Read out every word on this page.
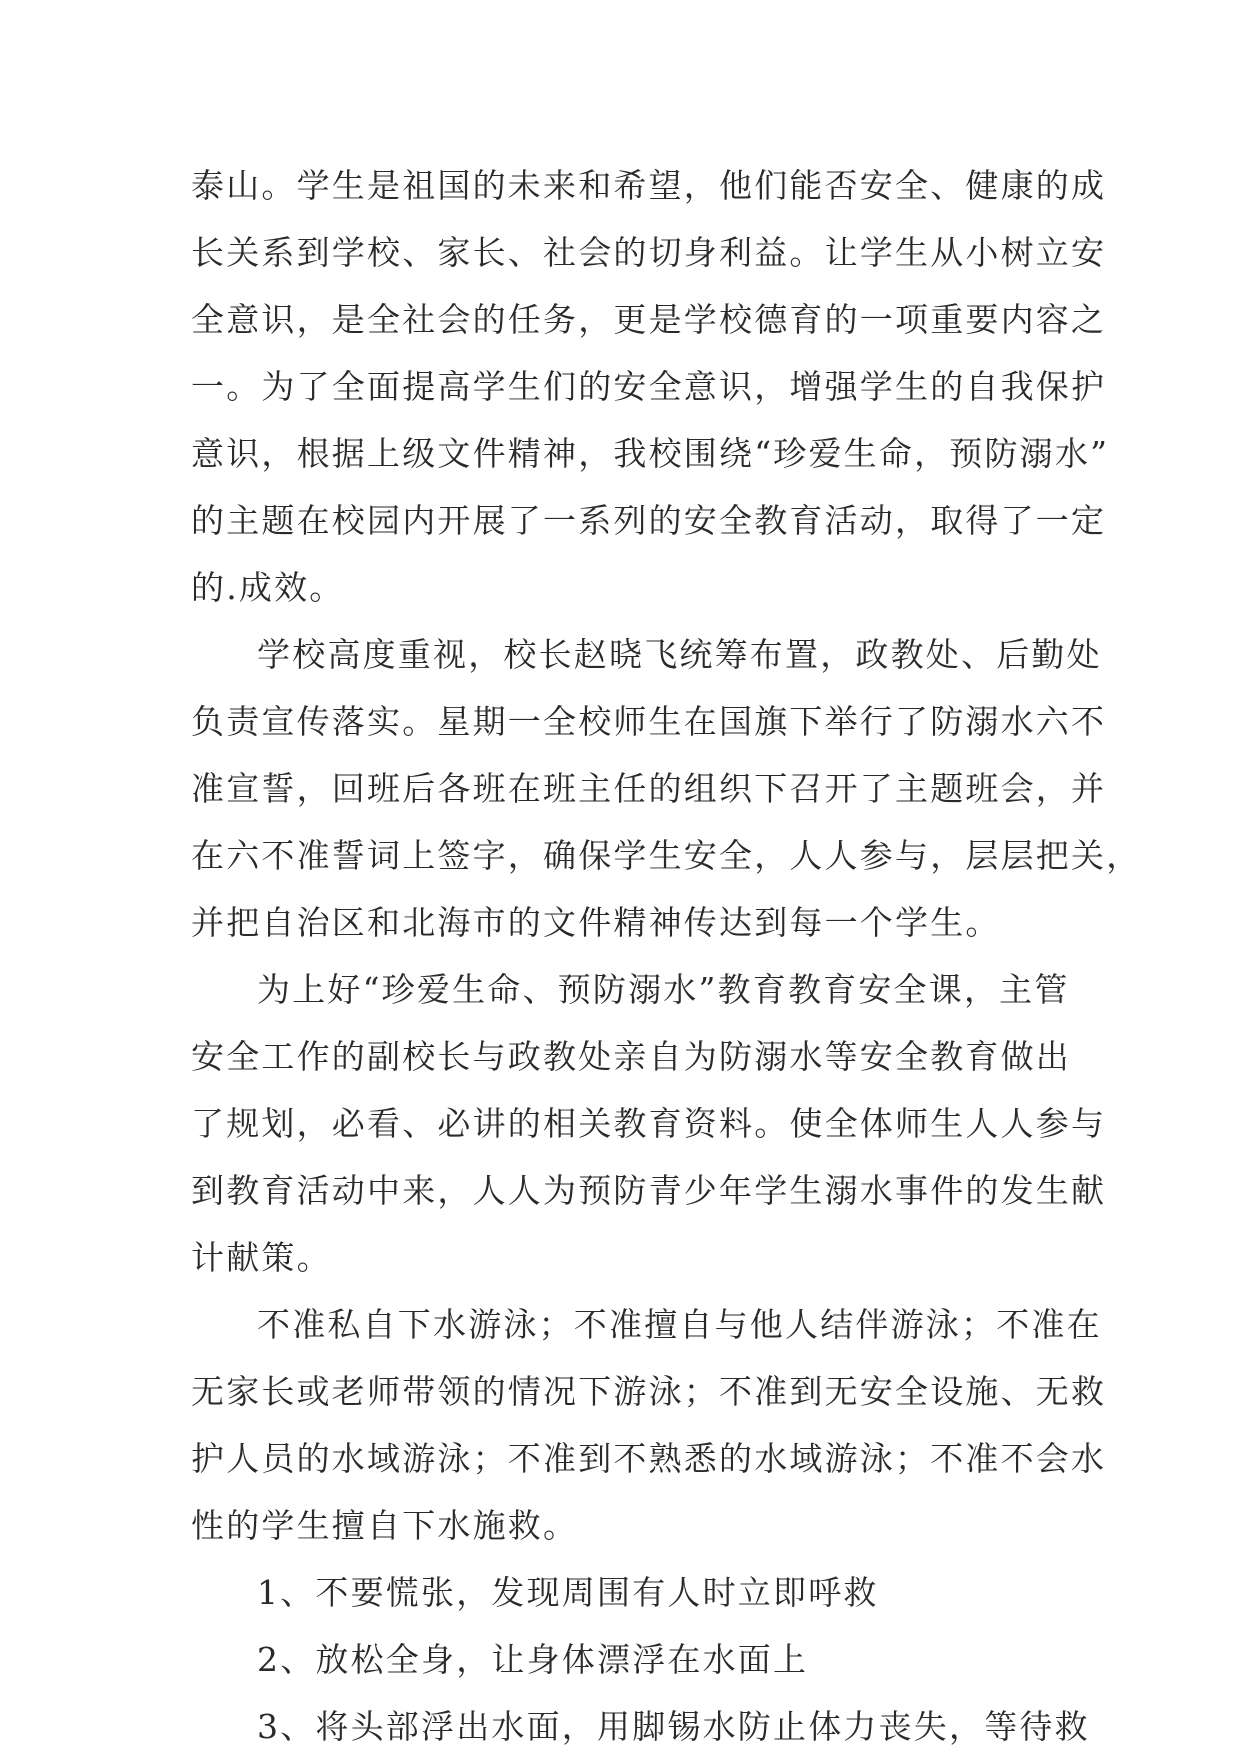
泰山。学生是祖国的未来和希望，他们能否安全、健康的成
长关系到学校、家长、社会的切身利益。让学生从小树立安
全意识，是全社会的任务，更是学校德育的一项重要内容之
一。为了全面提高学生们的安全意识，增强学生的自我保护
意识，根据上级文件精神，我校围绕“珍爱生命，预防溺水”
的主题在校园内开展了一系列的安全教育活动，取得了一定
的.成效。
学校高度重视，校长赵晓飞统筹布置，政教处、后勤处
负责宣传落实。星期一全校师生在国旗下举行了防溺水六不
准宣誓，回班后各班在班主任的组织下召开了主题班会，并
在六不准誓词上签字，确保学生安全，人人参与，层层把关，
并把自治区和北海市的文件精神传达到每一个学生。
为上好“珍爱生命、预防溺水”教育教育安全课，主管
安全工作的副校长与政教处亲自为防溺水等安全教育做出
了规划，必看、必讲的相关教育资料。使全体师生人人参与
到教育活动中来，人人为预防青少年学生溺水事件的发生献
计献策。
不准私自下水游泳；不准擅自与他人结伴游泳；不准在
无家长或老师带领的情况下游泳；不准到无安全设施、无救
护人员的水域游泳；不准到不熟悉的水域游泳；不准不会水
性的学生擅自下水施救。
1、不要慌张，发现周围有人时立即呼救
2、放松全身，让身体漂浮在水面上
3、将头部浮出水面，用脚锡水防止体力丧失，等待救
